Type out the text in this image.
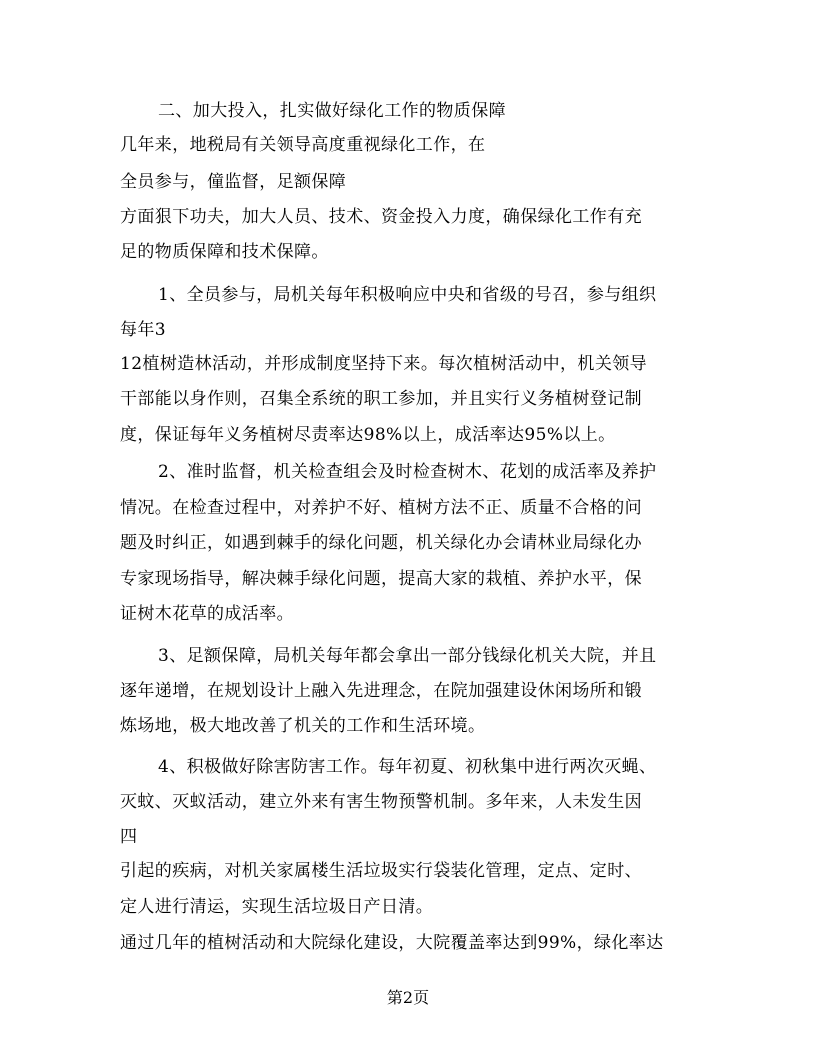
二、加大投入，扎实做好绿化工作的物质保障
几年来，地税局有关领导高度重视绿化工作，在
全员参与，僮监督，足额保障
方面狠下功夫，加大人员、技术、资金投入力度，确保绿化工作有充
足的物质保障和技术保障。
1、全员参与，局机关每年积极响应中央和省级的号召，参与组织
每年3
12植树造林活动，并形成制度坚持下来。每次植树活动中，机关领导
干部能以身作则，召集全系统的职工参加，并且实行义务植树登记制
度，保证每年义务植树尽责率达98%以上，成活率达95%以上。
2、准时监督，机关检查组会及时检查树木、花划的成活率及养护
情况。在检查过程中，对养护不好、植树方法不正、质量不合格的问
题及时纠正，如遇到棘手的绿化问题，机关绿化办会请林业局绿化办
专家现场指导，解决棘手绿化问题，提高大家的栽植、养护水平，保
证树木花草的成活率。
3、足额保障，局机关每年都会拿出一部分钱绿化机关大院，并且
逐年递增，在规划设计上融入先进理念，在院加强建设休闲场所和锻
炼场地，极大地改善了机关的工作和生活环境。
4、积极做好除害防害工作。每年初夏、初秋集中进行两次灭蝇、
灭蚊、灭蚁活动，建立外来有害生物预警机制。多年来，人未发生因
四
引起的疾病，对机关家属楼生活垃圾实行袋装化管理，定点、定时、
定人进行清运，实现生活垃圾日产日清。
通过几年的植树活动和大院绿化建设，大院覆盖率达到99%，绿化率达
第2页
